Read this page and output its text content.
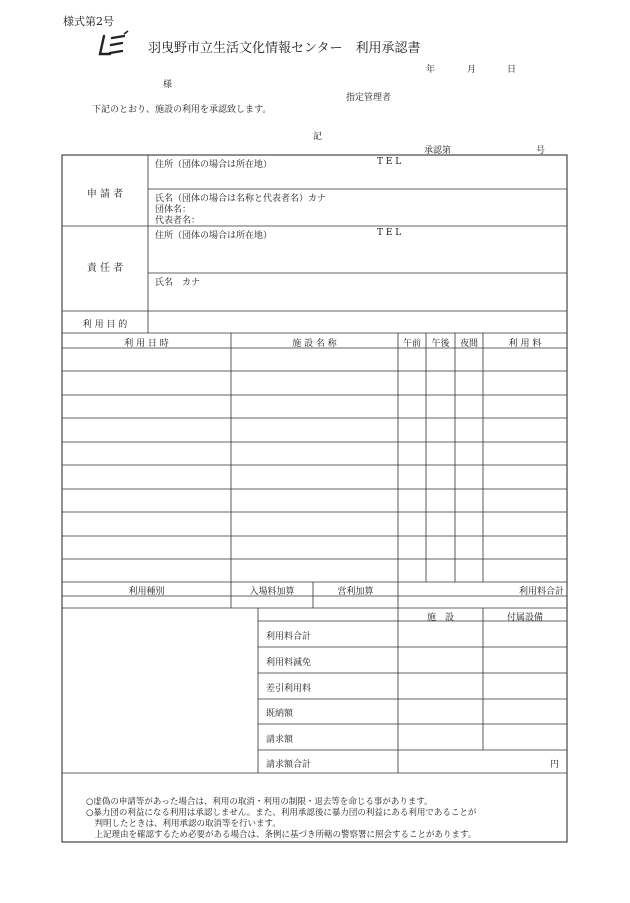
様式第2号
羽曳野市立生活文化情報センター　利用承認書
年	月	日
様
指定管理者
下記のとおり、施設の利用を承認致します。
記
承認第	号
申 請 者
住所（団体の場合は所在地）	T E L
氏名（団体の場合は名称と代表者名）カナ
団体名：
代表者名：
責 任 者
住所（団体の場合は所在地）	T E L
氏名　カナ
利 用 目 的
利 用 日 時	施 設 名 称	午前	午後	夜間	利 用 料
利用種別	入場料加算	営利加算	利用料合計
施　設	付属設備
利用料合計
利用料減免
差引利用料
既納額
請求額
請求額合計	円
○虚偽の申請等があった場合は、利用の取消・利用の制限・退去等を命じる事があります。
○暴力団の利益になる利用は承認しません。また、利用承認後に暴力団の利益にある利用であることが
　判明したときは、利用承認の取消等を行います。
　上記理由を確認するため必要がある場合は、条例に基づき所轄の警察署に照会することがあります。
